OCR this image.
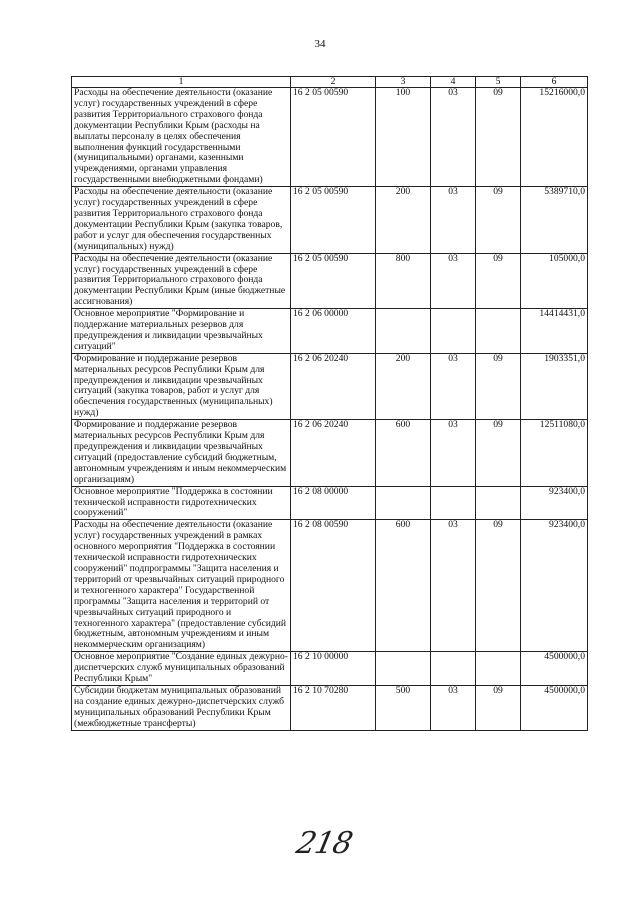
34
1	2	3	4	5	6
Расходы на обеспечение деятельности (оказание услуг) государственных учреждений в сфере развития Территориального страхового фонда документации Республики Крым (расходы на выплаты персоналу в целях обеспечения выполнения функций государственными (муниципальными) органами, казенными учреждениями, органами управления государственными внебюджетными фондами)	16 2 05 00590	100	03	09	15216000,0
Расходы на обеспечение деятельности (оказание услуг) государственных учреждений в сфере развития Территориального страхового фонда документации Республики Крым (закупка товаров, работ и услуг для обеспечения государственных (муниципальных) нужд)	16 2 05 00590	200	03	09	5389710,0
Расходы на обеспечение деятельности (оказание услуг) государственных учреждений в сфере развития Территориального страхового фонда документации Республики Крым (иные бюджетные ассигнования)	16 2 05 00590	800	03	09	105000,0
Основное мероприятие "Формирование и поддержание материальных резервов для предупреждения и ликвидации чрезвычайных ситуаций"	16 2 06 00000				14414431,0
Формирование и поддержание резервов материальных ресурсов Республики Крым для предупреждения и ликвидации чрезвычайных ситуаций (закупка товаров, работ и услуг для обеспечения государственных (муниципальных) нужд)	16 2 06 20240	200	03	09	1903351,0
Формирование и поддержание резервов материальных ресурсов Республики Крым для предупреждения и ликвидации чрезвычайных ситуаций (предоставление субсидий бюджетным, автономным учреждениям и иным некоммерческим организациям)	16 2 06 20240	600	03	09	12511080,0
Основное мероприятие "Поддержка в состоянии технической исправности гидротехнических сооружений"	16 2 08 00000				923400,0
Расходы на обеспечение деятельности (оказание услуг) государственных учреждений в рамках основного мероприятия "Поддержка в состоянии технической исправности гидротехнических сооружений" подпрограммы "Защита населения и территорий от чрезвычайных ситуаций природного и техногенного характера" Государственной программы "Защита населения и территорий от чрезвычайных ситуаций природного и техногенного характера" (предоставление субсидий бюджетным, автономным учреждениям и иным некоммерческим организациям)	16 2 08 00590	600	03	09	923400,0
Основное мероприятие "Создание единых дежурно-диспетчерских служб муниципальных образований Республики Крым"	16 2 10 00000				4500000,0
Субсидии бюджетам муниципальных образований на создание единых дежурно-диспетчерских служб муниципальных образований Республики Крым (межбюджетные трансферты)	16 2 10 70280	500	03	09	4500000,0
218
